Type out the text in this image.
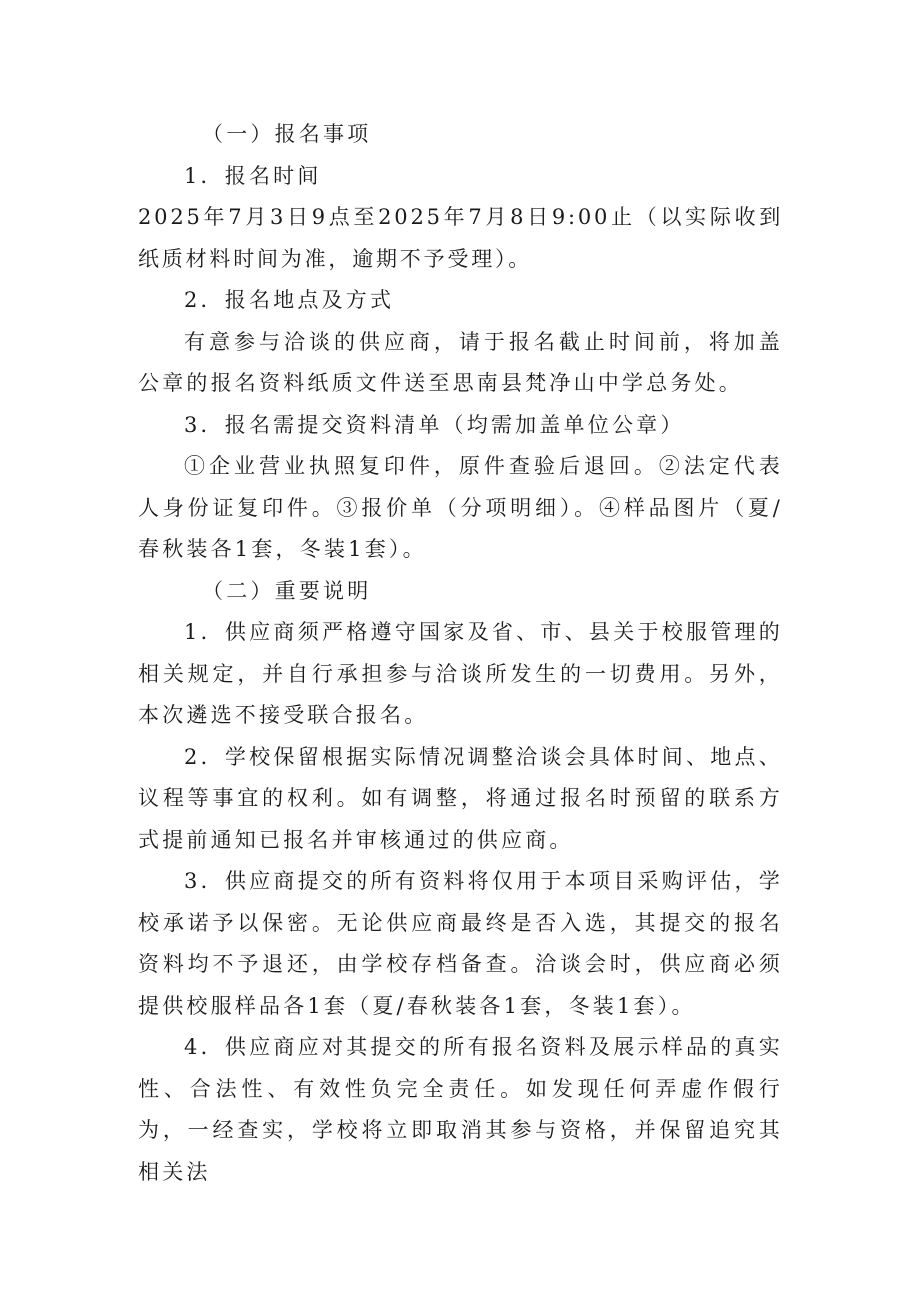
（一）报名事项

1．报名时间

2025年7月3日9点至2025年7月8日9:00止（以实际收到纸质材料时间为准，逾期不予受理）。

2．报名地点及方式

有意参与洽谈的供应商，请于报名截止时间前，将加盖公章的报名资料纸质文件送至思南县梵净山中学总务处。

3．报名需提交资料清单（均需加盖单位公章）

①企业营业执照复印件，原件查验后退回。②法定代表人身份证复印件。③报价单（分项明细）。④样品图片（夏/春秋装各1套，冬装1套）。

（二）重要说明

1．供应商须严格遵守国家及省、市、县关于校服管理的相关规定，并自行承担参与洽谈所发生的一切费用。另外，本次遴选不接受联合报名。

2．学校保留根据实际情况调整洽谈会具体时间、地点、议程等事宜的权利。如有调整，将通过报名时预留的联系方式提前通知已报名并审核通过的供应商。

3．供应商提交的所有资料将仅用于本项目采购评估，学校承诺予以保密。无论供应商最终是否入选，其提交的报名资料均不予退还，由学校存档备查。洽谈会时，供应商必须提供校服样品各1套（夏/春秋装各1套，冬装1套）。

4．供应商应对其提交的所有报名资料及展示样品的真实性、合法性、有效性负完全责任。如发现任何弄虚作假行为，一经查实，学校将立即取消其参与资格，并保留追究其相关法
